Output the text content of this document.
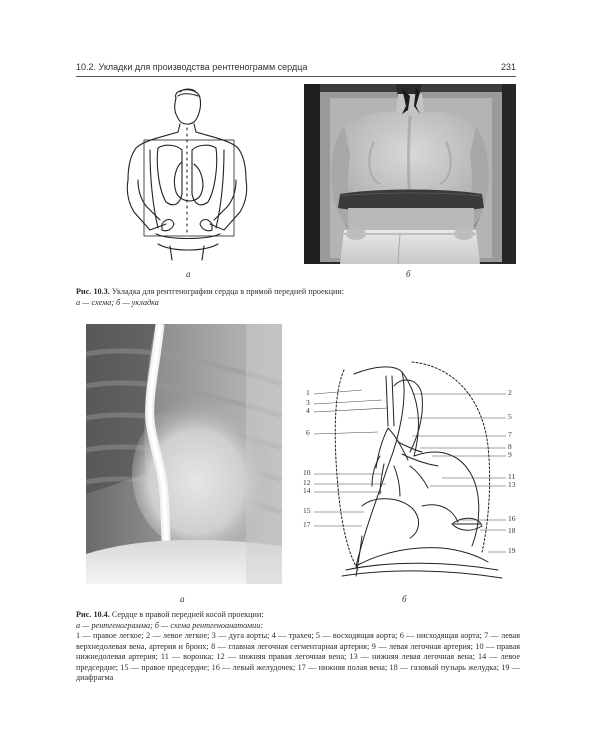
10.2. Укладки для производства рентгенограмм сердца	231
а	б
Рис. 10.3. Укладка для рентгенографии сердца в прямой передней проекции:
а — схема; б — укладка
а
1
3
4
6
10
12
14
15
17
2
5
7
8
9
11
13
16
18
19
б
Рис. 10.4. Сердце в правой передней косой проекции:
а — рентгенограмма; б — схема рентгеноанатомии:
1 — правое легкое; 2 — левое легкое; 3 — дуга аорты; 4 — трахея; 5 — восходящая аорта; 6 — нисходящая аорта; 7 — левая верхнедолевая вена, артерия и бронх; 8 — главная легочная сегментарная артерия; 9 — левая легочная артерия; 10 — правая нижнедолевая артерия; 11 — воронка; 12 — нижняя правая легочная вена; 13 — нижняя левая легочная вена; 14 — левое предсердие; 15 — правое предсердие; 16 — левый желудочек; 17 — нижняя полая вена; 18 — газовый пузырь желудка; 19 — диафрагма
